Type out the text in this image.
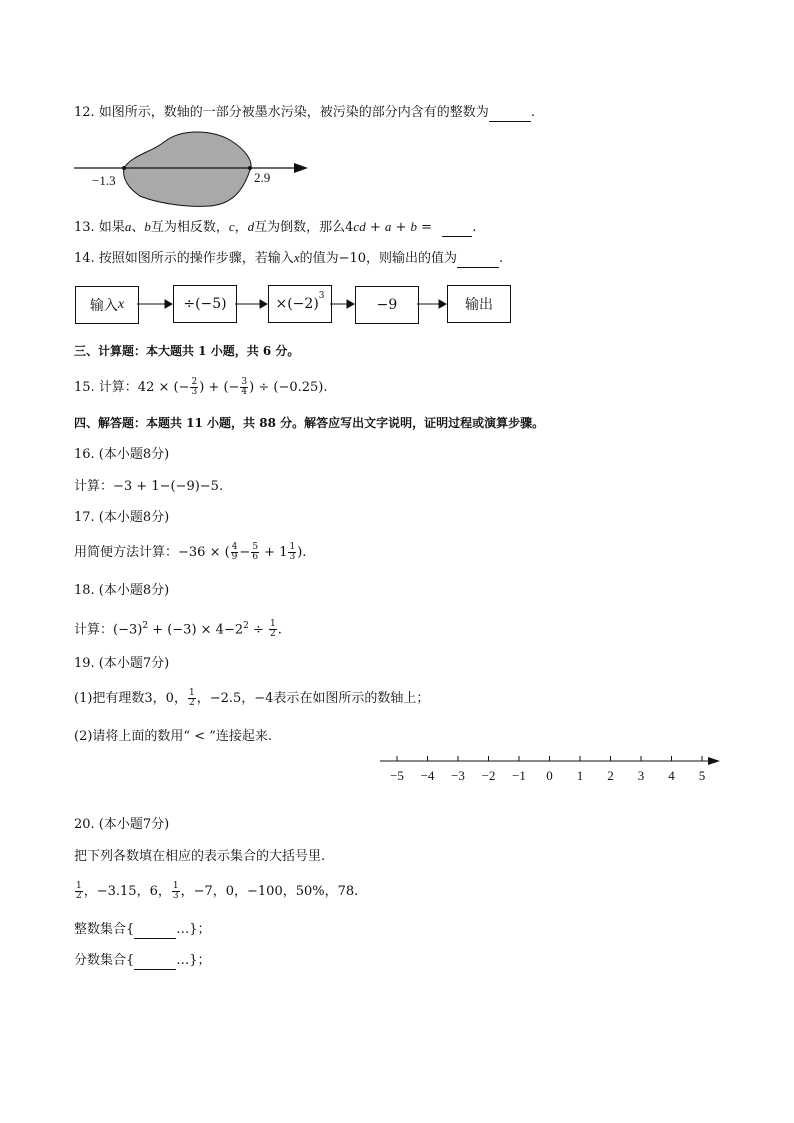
12. 如图所示，数轴的一部分被墨水污染，被污染的部分内含有的整数为	.
−1.3	2.9
13. 如果a、b互为相反数，c，d互为倒数，那么4cd + a + b =	.
14. 按照如图所示的操作步骤，若输入x的值为−10，则输出的值为	.
输入 x	÷(−5)	$\times(-2)^3$
−9	输出
三、计算题：本大题共 1 小题，共 6 分。
15. 计算：42 × (− $\frac{2}{3}$ ) + (− $\frac{3}{4}$ ) ÷ (−0.25).
四、解答题：本题共 11 小题，共 88 分。解答应写出文字说明，证明过程或演算步骤。
16. (本小题8分)
计算：−3 + 1−(−9)−5.
17. (本小题8分)
用简便方法计算：−36 × ( $\frac{4}{9} - \frac{5}{6} + 1 \frac{1}{3}$ ).
18. (本小题8分)
计算：$(-3)^2 + (-3) \times 4-2^2 \div \frac{1}{2}$ .
19. (本小题7分)
(1)把有理数3，0， $\frac{1}{2}$ ，−2.5，−4表示在如图所示的数轴上；
(2)请将上面的数用“ < ”连接起来.
−5 −4 −3 −2 −1 0 1 2 3 4 5
20. (本小题7分)
把下列各数填在相应的表示集合的大括号里.
$\frac{1}{2}$ ，−3.15，6， $\frac{1}{3}$ ，−7，0，−100，50%，78.
整数集合{	…}；
分数集合{	…}；
